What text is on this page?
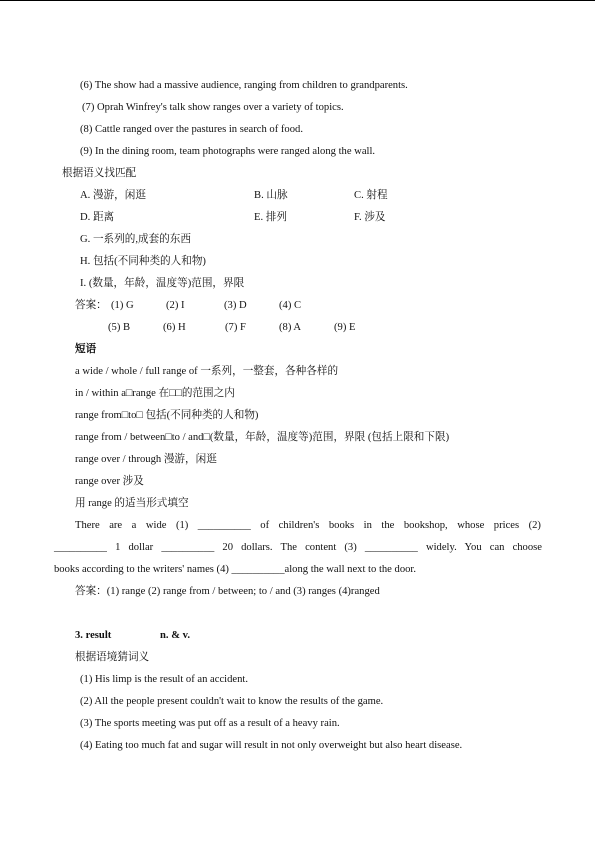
(6) The show had a massive audience, ranging from children to grandparents.
(7) Oprah Winfrey's talk show ranges over a variety of topics.
(8) Cattle ranged over the pastures in search of food.
(9) In the dining room, team photographs were ranged along the wall.
根据语义找匹配
A. 漫游，闲逛	B. 山脉	C. 射程
D. 距离	E. 排列	F. 涉及
G. 一系列的,成套的东西
H. 包括(不同种类的人和物)
I. (数量，年龄，温度等)范围，界限
答案： (1) G	(2) I	(3) D	(4) C
(5) B	(6) H	(7) F	(8) A	(9) E
短语
a wide / whole / full range of 一系列，一整套，各种各样的
in / within a□range 在□□的范围之内
range from□to□ 包括(不同种类的人和物)
range from / between□to / and□(数量，年龄，温度等)范围，界限 (包括上限和下限)
range over / through 漫游，闲逛
range over 涉及
用 range 的适当形式填空
There are a wide (1) __________ of children's books in the bookshop, whose prices (2)
__________ 1 dollar __________ 20 dollars. The content (3) __________ widely. You can choose
books according to the writers' names (4) __________along the wall next to the door.
答案：(1) range (2) range from / between; to / and (3) ranges (4)ranged
3. result	n. & v.
根据语境猜词义
(1) His limp is the result of an accident.
(2) All the people present couldn't wait to know the results of the game.
(3) The sports meeting was put off as a result of a heavy rain.
(4) Eating too much fat and sugar will result in not only overweight but also heart disease.
